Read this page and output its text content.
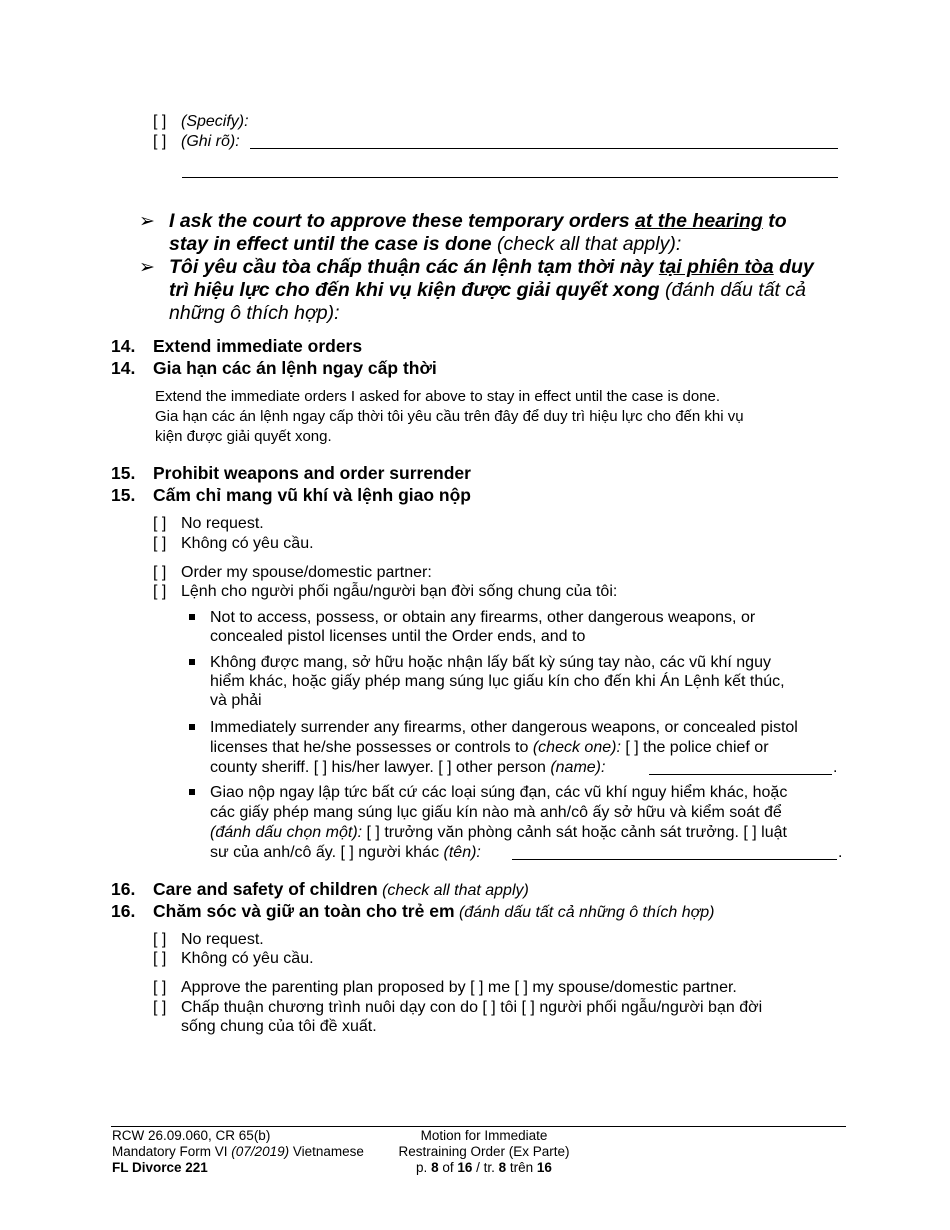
[ ] (Specify):
[ ] (Ghi rõ):
➢ I ask the court to approve these temporary orders at the hearing to
stay in effect until the case is done (check all that apply):
➢ Tôi yêu cầu tòa chấp thuận các án lệnh tạm thời này tại phiên tòa duy
trì hiệu lực cho đến khi vụ kiện được giải quyết xong (đánh dấu tất cả
những ô thích hợp):
14. Extend immediate orders
14. Gia hạn các án lệnh ngay cấp thời
Extend the immediate orders I asked for above to stay in effect until the case is done.
Gia hạn các án lệnh ngay cấp thời tôi yêu cầu trên đây để duy trì hiệu lực cho đến khi vụ
kiện được giải quyết xong.
15. Prohibit weapons and order surrender
15. Cấm chỉ mang vũ khí và lệnh giao nộp
[ ] No request.
[ ] Không có yêu cầu.
[ ] Order my spouse/domestic partner:
[ ] Lệnh cho người phối ngẫu/người bạn đời sống chung của tôi:
Not to access, possess, or obtain any firearms, other dangerous weapons, or
concealed pistol licenses until the Order ends, and to
Không được mang, sở hữu hoặc nhận lấy bất kỳ súng tay nào, các vũ khí nguy
hiểm khác, hoặc giấy phép mang súng lục giấu kín cho đến khi Án Lệnh kết thúc,
và phải
Immediately surrender any firearms, other dangerous weapons, or concealed pistol
licenses that he/she possesses or controls to (check one): [ ] the police chief or
county sheriff. [ ] his/her lawyer. [ ] other person (name):	.
Giao nộp ngay lập tức bất cứ các loại súng đạn, các vũ khí nguy hiểm khác, hoặc
các giấy phép mang súng lục giấu kín nào mà anh/cô ấy sở hữu và kiểm soát để
(đánh dấu chọn một): [ ] trưởng văn phòng cảnh sát hoặc cảnh sát trưởng. [ ] luật
sư của anh/cô ấy. [ ] người khác (tên):	.
16. Care and safety of children (check all that apply)
16. Chăm sóc và giữ an toàn cho trẻ em (đánh dấu tất cả những ô thích hợp)
[ ] No request.
[ ] Không có yêu cầu.
[ ] Approve the parenting plan proposed by [ ] me [ ] my spouse/domestic partner.
[ ] Chấp thuận chương trình nuôi dạy con do [ ] tôi [ ] người phối ngẫu/người bạn đời
sống chung của tôi đề xuất.
RCW 26.09.060, CR 65(b)
Mandatory Form VI (07/2019) Vietnamese
FL Divorce 221
Motion for Immediate
Restraining Order (Ex Parte)
p. 8 of 16 / tr. 8 trên 16
